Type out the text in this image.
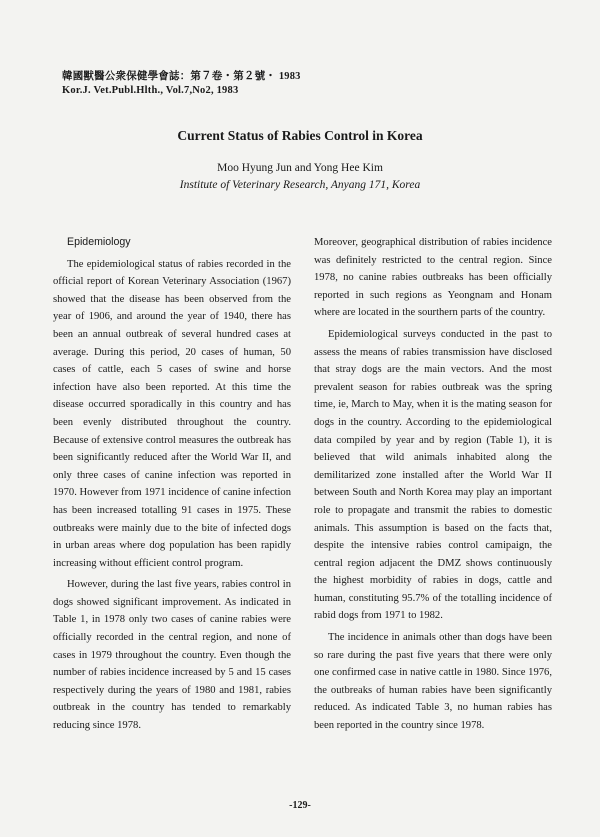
韓國獸醫公衆保健學會誌：第７卷・第２號・ 1983
Kor.J. Vet.Publ.Hlth., Vol.7,No2, 1983
Current Status of Rabies Control in Korea
Moo Hyung Jun and Yong Hee Kim
Institute of Veterinary Research, Anyang 171, Korea

Epidemiology

The epidemiological status of rabies recorded in the official report of Korean Veterinary Association (1967) showed that the disease has been observed from the year of 1906, and around the year of 1940, there has been an annual outbreak of several hundred cases at average. During this period, 20 cases of human, 50 cases of cattle, each 5 cases of swine and horse infection have also been reported. At this time the disease occurred sporadically in this country and has been evenly distributed throughout the country. Because of extensive control measures the outbreak has been significantly reduced after the World War II, and only three cases of canine infection was reported in 1970. However from 1971 incidence of canine infection has been increased totalling 91 cases in 1975. These outbreaks were mainly due to the bite of infected dogs in urban areas where dog population has been rapidly increasing without efficient control program.

However, during the last five years, rabies control in dogs showed significant improvement. As indicated in Table 1, in 1978 only two cases of canine rabies were officially recorded in the central region, and none of cases in 1979 throughout the country. Even though the number of rabies incidence increased by 5 and 15 cases respectively during the years of 1980 and 1981, rabies outbreak in the country has tended to remarkably reducing since 1978.

Moreover, geographical distribution of rabies incidence was definitely restricted to the central region. Since 1978, no canine rabies outbreaks has been officially reported in such regions as Yeongnam and Honam where are located in the sourthern parts of the country.

Epidemiological surveys conducted in the past to assess the means of rabies transmission have disclosed that stray dogs are the main vectors. And the most prevalent season for rabies outbreak was the spring time, ie, March to May, when it is the mating season for dogs in the country. According to the epidemiological data compiled by year and by region (Table 1), it is believed that wild animals inhabited along the demilitarized zone installed after the World War II between South and North Korea may play an important role to propagate and transmit the rabies to domestic animals. This assumption is based on the facts that, despite the intensive rabies control camipaign, the central region adjacent the DMZ shows continuously the highest morbidity of rabies in dogs, cattle and human, constituting 95.7% of the totalling incidence of rabid dogs from 1971 to 1982.

The incidence in animals other than dogs have been so rare during the past five years that there were only one confirmed case in native cattle in 1980. Since 1976, the outbreaks of human rabies have been significantly reduced. As indicated Table 3, no human rabies has been reported in the country since 1978.

-129-
